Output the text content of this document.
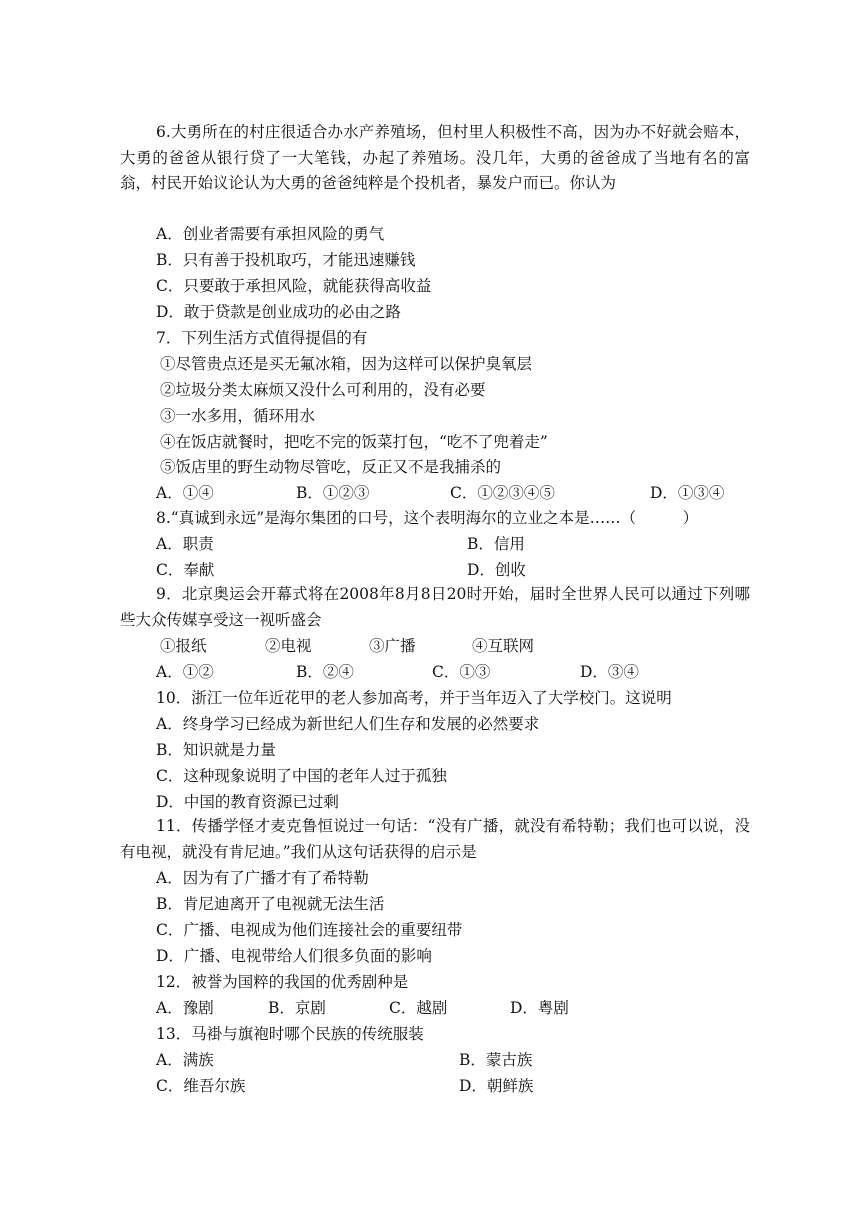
6.大勇所在的村庄很适合办水产养殖场，但村里人积极性不高，因为办不好就会赔本，大勇的爸爸从银行贷了一大笔钱，办起了养殖场。没几年，大勇的爸爸成了当地有名的富翁，村民开始议论认为大勇的爸爸纯粹是个投机者，暴发户而已。你认为
A．创业者需要有承担风险的勇气
B．只有善于投机取巧，才能迅速赚钱
C．只要敢于承担风险，就能获得高收益
D．敢于贷款是创业成功的必由之路
7．下列生活方式值得提倡的有
①尽管贵点还是买无氟冰箱，因为这样可以保护臭氧层
②垃圾分类太麻烦又没什么可利用的，没有必要
③一水多用，循环用水
④在饭店就餐时，把吃不完的饭菜打包，“吃不了兜着走”
⑤饭店里的野生动物尽管吃，反正又不是我捕杀的
A．①④	B．①②③	C．①②③④⑤	D．①③④
8.“真诚到永远”是海尔集团的口号，这个表明海尔的立业之本是……（　　　）
A．职责	B．信用
C．奉献	D．创收
9．北京奥运会开幕式将在2008年8月8日20时开始，届时全世界人民可以通过下列哪些大众传媒享受这一视听盛会
①报纸	②电视	③广播	④互联网
A．①②	B．②④	C．①③	D．③④
10．浙江一位年近花甲的老人参加高考，并于当年迈入了大学校门。这说明
A．终身学习已经成为新世纪人们生存和发展的必然要求
B．知识就是力量
C．这种现象说明了中国的老年人过于孤独
D．中国的教育资源已过剩
11．传播学怪才麦克鲁恒说过一句话：“没有广播，就没有希特勒；我们也可以说，没有电视，就没有肯尼迪。”我们从这句话获得的启示是
A．因为有了广播才有了希特勒
B．肯尼迪离开了电视就无法生活
C．广播、电视成为他们连接社会的重要纽带
D．广播、电视带给人们很多负面的影响
12．被誉为国粹的我国的优秀剧种是
A．豫剧	B．京剧	C．越剧	D．粤剧
13．马褂与旗袍时哪个民族的传统服装
A．满族	B．蒙古族
C．维吾尔族	D．朝鲜族
